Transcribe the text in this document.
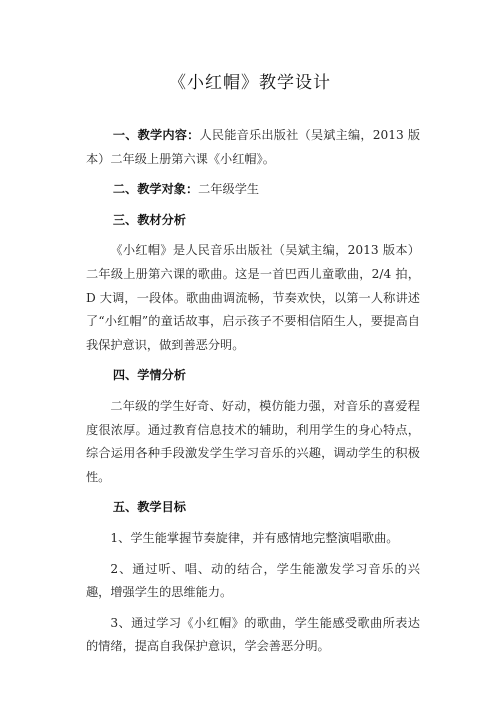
《小红帽》教学设计

一、教学内容：人民能音乐出版社（吴斌主编，2013 版本）二年级上册第六课《小红帽》。

二、教学对象：二年级学生

三、教材分析

《小红帽》是人民音乐出版社（吴斌主编，2013 版本）二年级上册第六课的歌曲。这是一首巴西儿童歌曲，2/4 拍，D 大调，一段体。歌曲曲调流畅，节奏欢快，以第一人称讲述了“小红帽”的童话故事，启示孩子不要相信陌生人，要提高自我保护意识，做到善恶分明。

四、学情分析

二年级的学生好奇、好动，模仿能力强，对音乐的喜爱程度很浓厚。通过教育信息技术的辅助，利用学生的身心特点，综合运用各种手段激发学生学习音乐的兴趣，调动学生的积极性。

五、教学目标

1、学生能掌握节奏旋律，并有感情地完整演唱歌曲。

2、通过听、唱、动的结合，学生能激发学习音乐的兴趣，增强学生的思维能力。

3、通过学习《小红帽》的歌曲，学生能感受歌曲所表达的情绪，提高自我保护意识，学会善恶分明。
